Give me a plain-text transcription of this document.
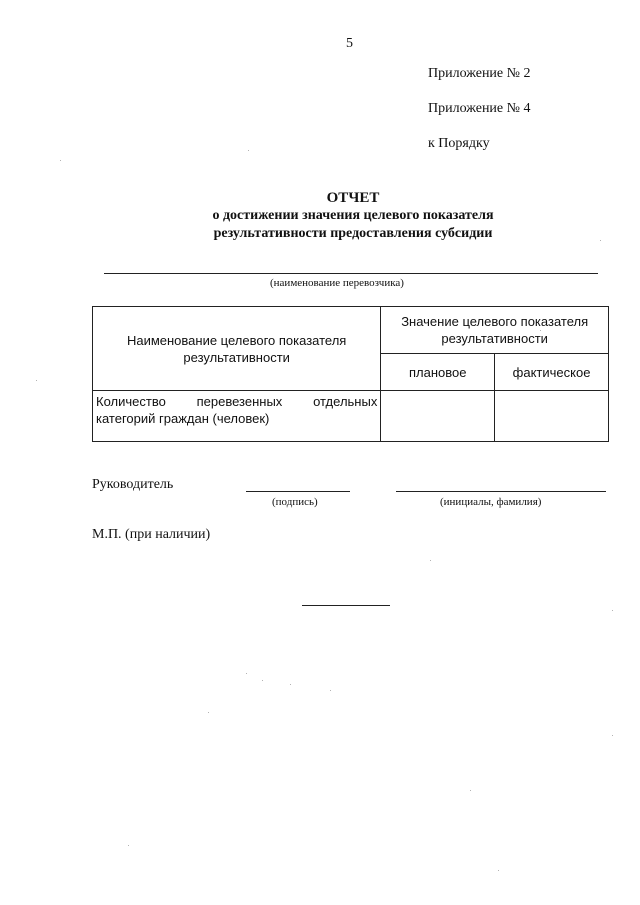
5
Приложение № 2
Приложение № 4
к Порядку
ОТЧЕТ
о достижении значения целевого показателя
результативности предоставления субсидии
(наименование перевозчика)
Наименование целевого показателя результативности	Значение целевого показателя результативности	
	плановое	фактическое
Количество перевезенных отдельных категорий граждан (человек)		
Руководитель
(подпись)	(инициалы, фамилия)
М.П. (при наличии)
